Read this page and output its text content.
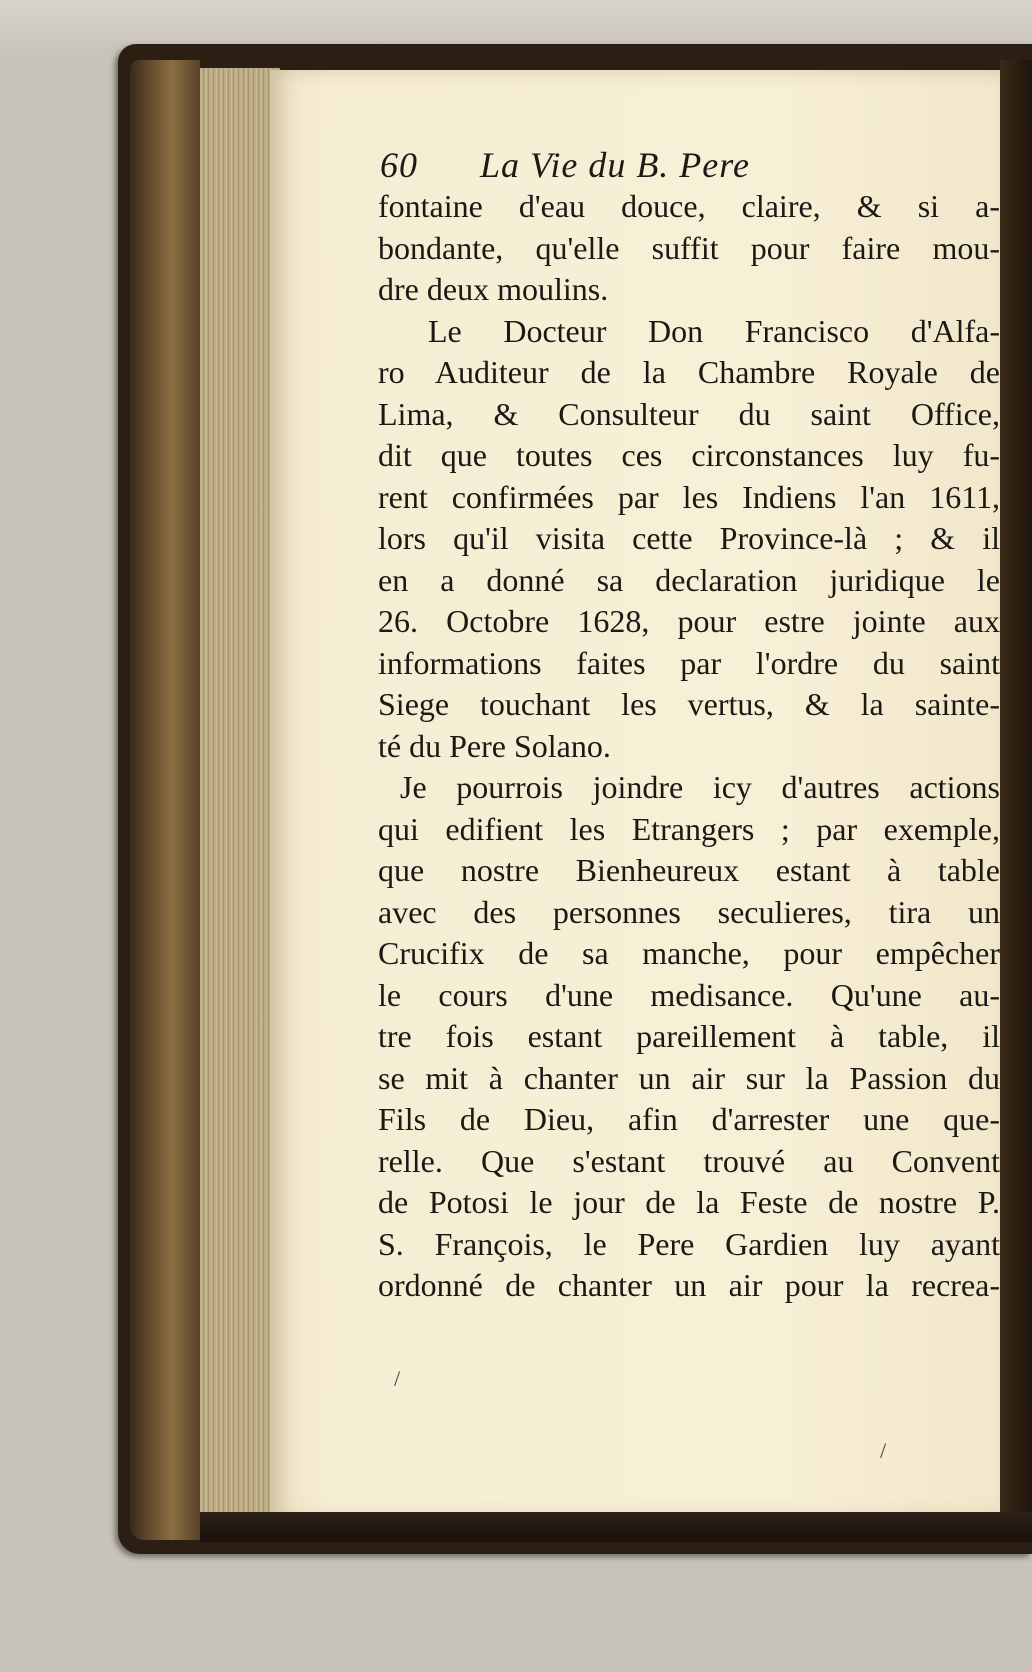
60 La Vie du B. Pere
fontaine d'eau douce, claire, & si a-
bondante, qu'elle suffit pour faire mou-
dre deux moulins.
Le Docteur Don Francisco d'Alfa-
ro Auditeur de la Chambre Royale de
Lima, & Consulteur du saint Office,
dit que toutes ces circonstances luy fu-
rent confirmées par les Indiens l'an 1611,
lors qu'il visita cette Province-là ; & il
en a donné sa declaration juridique le
26. Octobre 1628, pour estre jointe aux
informations faites par l'ordre du saint
Siege touchant les vertus, & la sainte-
té du Pere Solano.
Je pourrois joindre icy d'autres actions
qui edifient les Etrangers ; par exemple,
que nostre Bienheureux estant à table
avec des personnes seculieres, tira un
Crucifix de sa manche, pour empêcher
le cours d'une medisance. Qu'une au-
tre fois estant pareillement à table, il
se mit à chanter un air sur la Passion du
Fils de Dieu, afin d'arrester une que-
relle. Que s'estant trouvé au Convent
de Potosi le jour de la Feste de nostre P.
S. François, le Pere Gardien luy ayant
ordonné de chanter un air pour la recrea-
/
/
